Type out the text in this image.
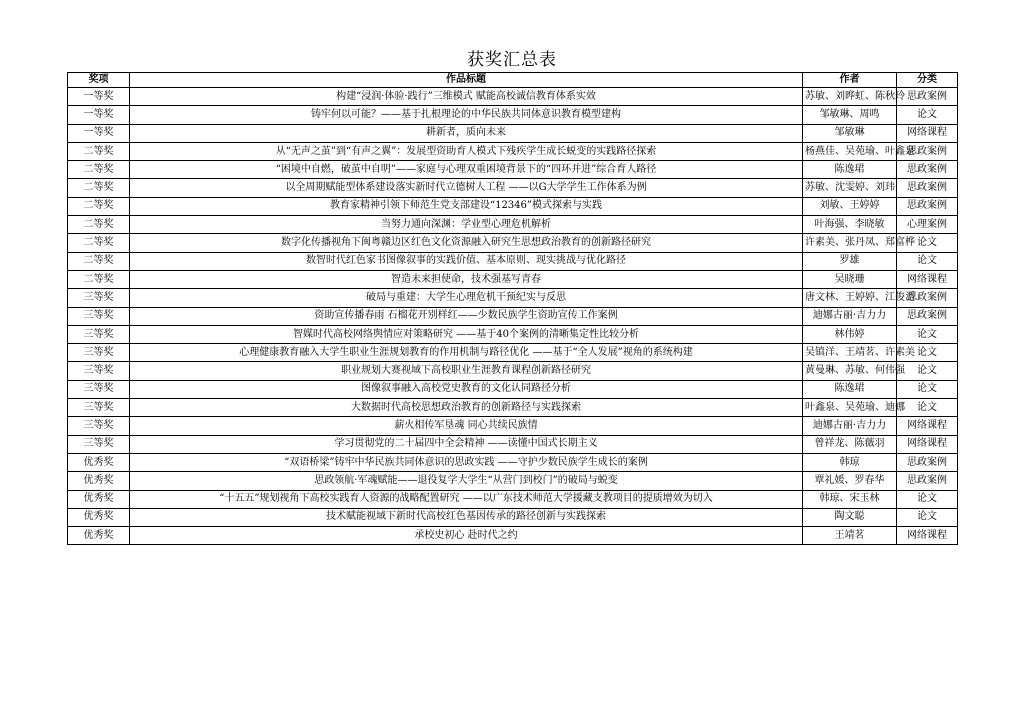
获奖汇总表
奖项	作品标题	作者	分类
一等奖	构建“浸润·体验·践行”三维模式 赋能高校诚信教育体系实效	苏敏、刘晔虹、陈秋玲	思政案例
一等奖	铸牢何以可能？——基于扎根理论的中华民族共同体意识教育模型建构	邹敏琳、周鸣	论文
一等奖	耕新者，质向未来	邹敏琳	网络课程
二等奖	从“无声之茧”到“有声之翼”：发展型资助育人模式下残疾学生成长蜕变的实践路径探索	杨燕佳、吴苑瑜、叶鑫泉	思政案例
二等奖	“困境中自燃，破茧中自明”——家庭与心理双重困境背景下的“四环并进”综合育人路径	陈逸珺	思政案例
二等奖	以全周期赋能型体系建设落实新时代立德树人工程 ——以G大学学生工作体系为例	苏敏、沈雯婷、刘玮	思政案例
二等奖	教育家精神引领下师范生党支部建设“12346”模式探索与实践	刘敏、王婷婷	思政案例
二等奖	当努力通向深渊：学业型心理危机解析	叶海强、李晓敏	心理案例
二等奖	数字化传播视角下闽粤赣边区红色文化资源融入研究生思想政治教育的创新路径研究	许素美、张丹凤、郑富桦	论文
二等奖	数智时代红色家书图像叙事的实践价值、基本原则、现实挑战与优化路径	罗雄	论文
二等奖	智造未来担使命，技术强基写青春	吴晓珊	网络课程
三等奖	破局与重建：大学生心理危机干预纪实与反思	唐文林、王婷婷、江俊滔	思政案例
三等奖	资助宣传播春雨 石榴花开别样红——少数民族学生资助宣传工作案例	迪娜古丽·吉力力	思政案例
三等奖	智媒时代高校网络舆情应对策略研究 ——基于40个案例的清晰集定性比较分析	林伟婷	论文
三等奖	心理健康教育融入大学生职业生涯规划教育的作用机制与路径优化 ——基于“全人发展”视角的系统构建	吴镇洋、王靖茗、许素美	论文
三等奖	职业规划大赛视域下高校职业生涯教育课程创新路径研究	黄曼琳、苏敏、何伟强	论文
三等奖	图像叙事融入高校党史教育的文化认同路径分析	陈逸珺	论文
三等奖	大数据时代高校思想政治教育的创新路径与实践探索	叶鑫泉、吴苑瑜、迪娜	论文
三等奖	薪火相传军垦魂 同心共续民族情	迪娜古丽·吉力力	网络课程
三等奖	学习贯彻党的二十届四中全会精神 ——读懂中国式长期主义	曾祥龙、陈薇羽	网络课程
优秀奖	“双语桥梁”铸牢中华民族共同体意识的思政实践 ——守护少数民族学生成长的案例	韩琼	思政案例
优秀奖	思政领航·军魂赋能——退役复学大学生“从营门到校门”的破局与蜕变	覃礼媛、罗春华	思政案例
优秀奖	“十五五”规划视角下高校实践育人资源的战略配置研究 ——以广东技术师范大学援藏支教项目的提质增效为切入	韩琼、宋玉林	论文
优秀奖	技术赋能视域下新时代高校红色基因传承的路径创新与实践探索	陶文聪	论文
优秀奖	承校史初心 赴时代之约	王靖茗	网络课程
